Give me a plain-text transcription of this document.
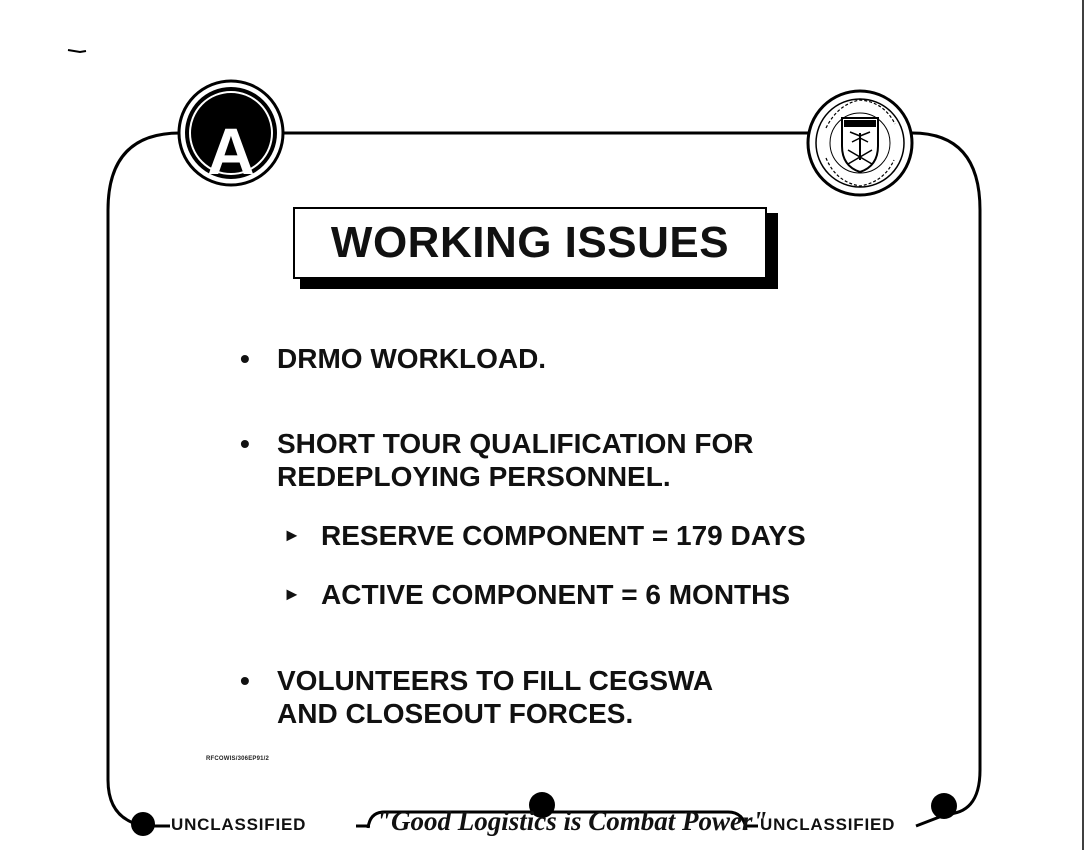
A
WORKING ISSUES
• DRMO WORKLOAD.
• SHORT TOUR QUALIFICATION FOR
REDEPLOYING PERSONNEL.
► RESERVE COMPONENT = 179 DAYS
► ACTIVE COMPONENT = 6 MONTHS
• VOLUNTEERS TO FILL CEGSWA
AND CLOSEOUT FORCES.
RFCOWIS/306EP91/2
UNCLASSIFIED	"Good Logistics is Combat Power"
UNCLASSIFIED
